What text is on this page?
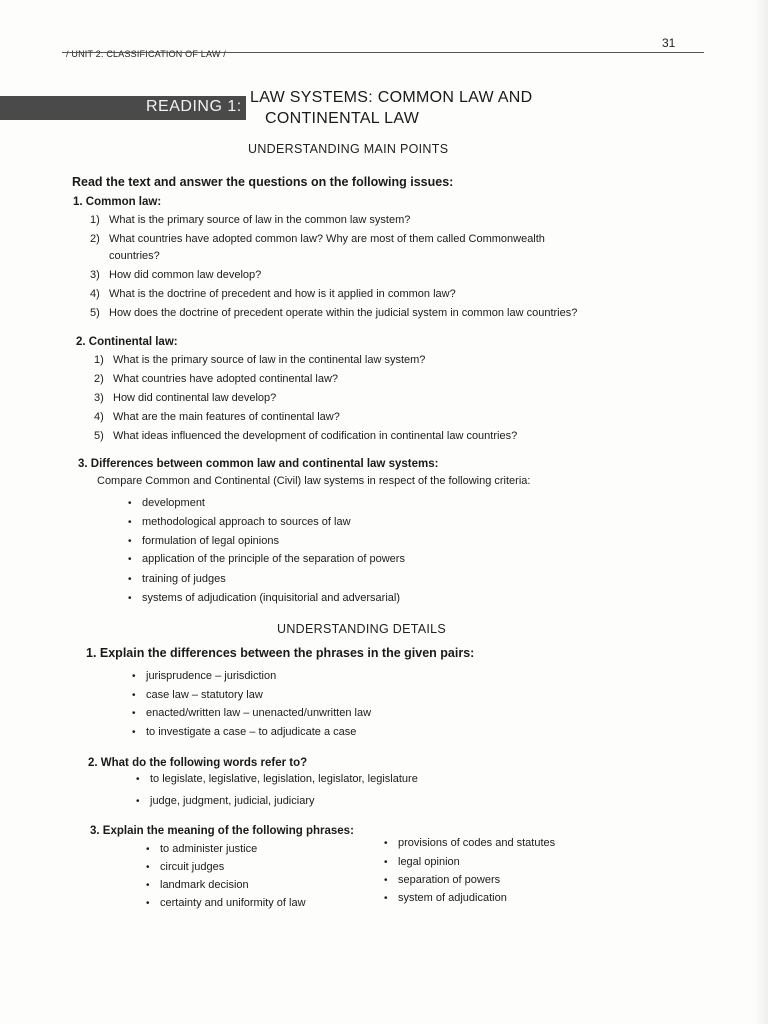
/ UNIT 2. CLASSIFICATION OF LAW /
31
READING 1:
LAW SYSTEMS: COMMON LAW AND
CONTINENTAL LAW
UNDERSTANDING MAIN POINTS
Read the text and answer the questions on the following issues:
1. Common law:
1) What is the primary source of law in the common law system?
2) What countries have adopted common law? Why are most of them called Commonwealth
countries?
3) How did common law develop?
4) What is the doctrine of precedent and how is it applied in common law?
5) How does the doctrine of precedent operate within the judicial system in common law countries?
2. Continental law:
1) What is the primary source of law in the continental law system?
2) What countries have adopted continental law?
3) How did continental law develop?
4) What are the main features of continental law?
5) What ideas influenced the development of codification in continental law countries?
3. Differences between common law and continental law systems:
Compare Common and Continental (Civil) law systems in respect of the following criteria:
• development
• methodological approach to sources of law
• formulation of legal opinions
• application of the principle of the separation of powers
• training of judges
• systems of adjudication (inquisitorial and adversarial)
UNDERSTANDING DETAILS
1. Explain the differences between the phrases in the given pairs:
• jurisprudence – jurisdiction
• case law – statutory law
• enacted/written law – unenacted/unwritten law
• to investigate a case – to adjudicate a case
2. What do the following words refer to?
• to legislate, legislative, legislation, legislator, legislature
• judge, judgment, judicial, judiciary
3. Explain the meaning of the following phrases:
• to administer justice
• circuit judges
• landmark decision
• certainty and uniformity of law
• provisions of codes and statutes
• legal opinion
• separation of powers
• system of adjudication
